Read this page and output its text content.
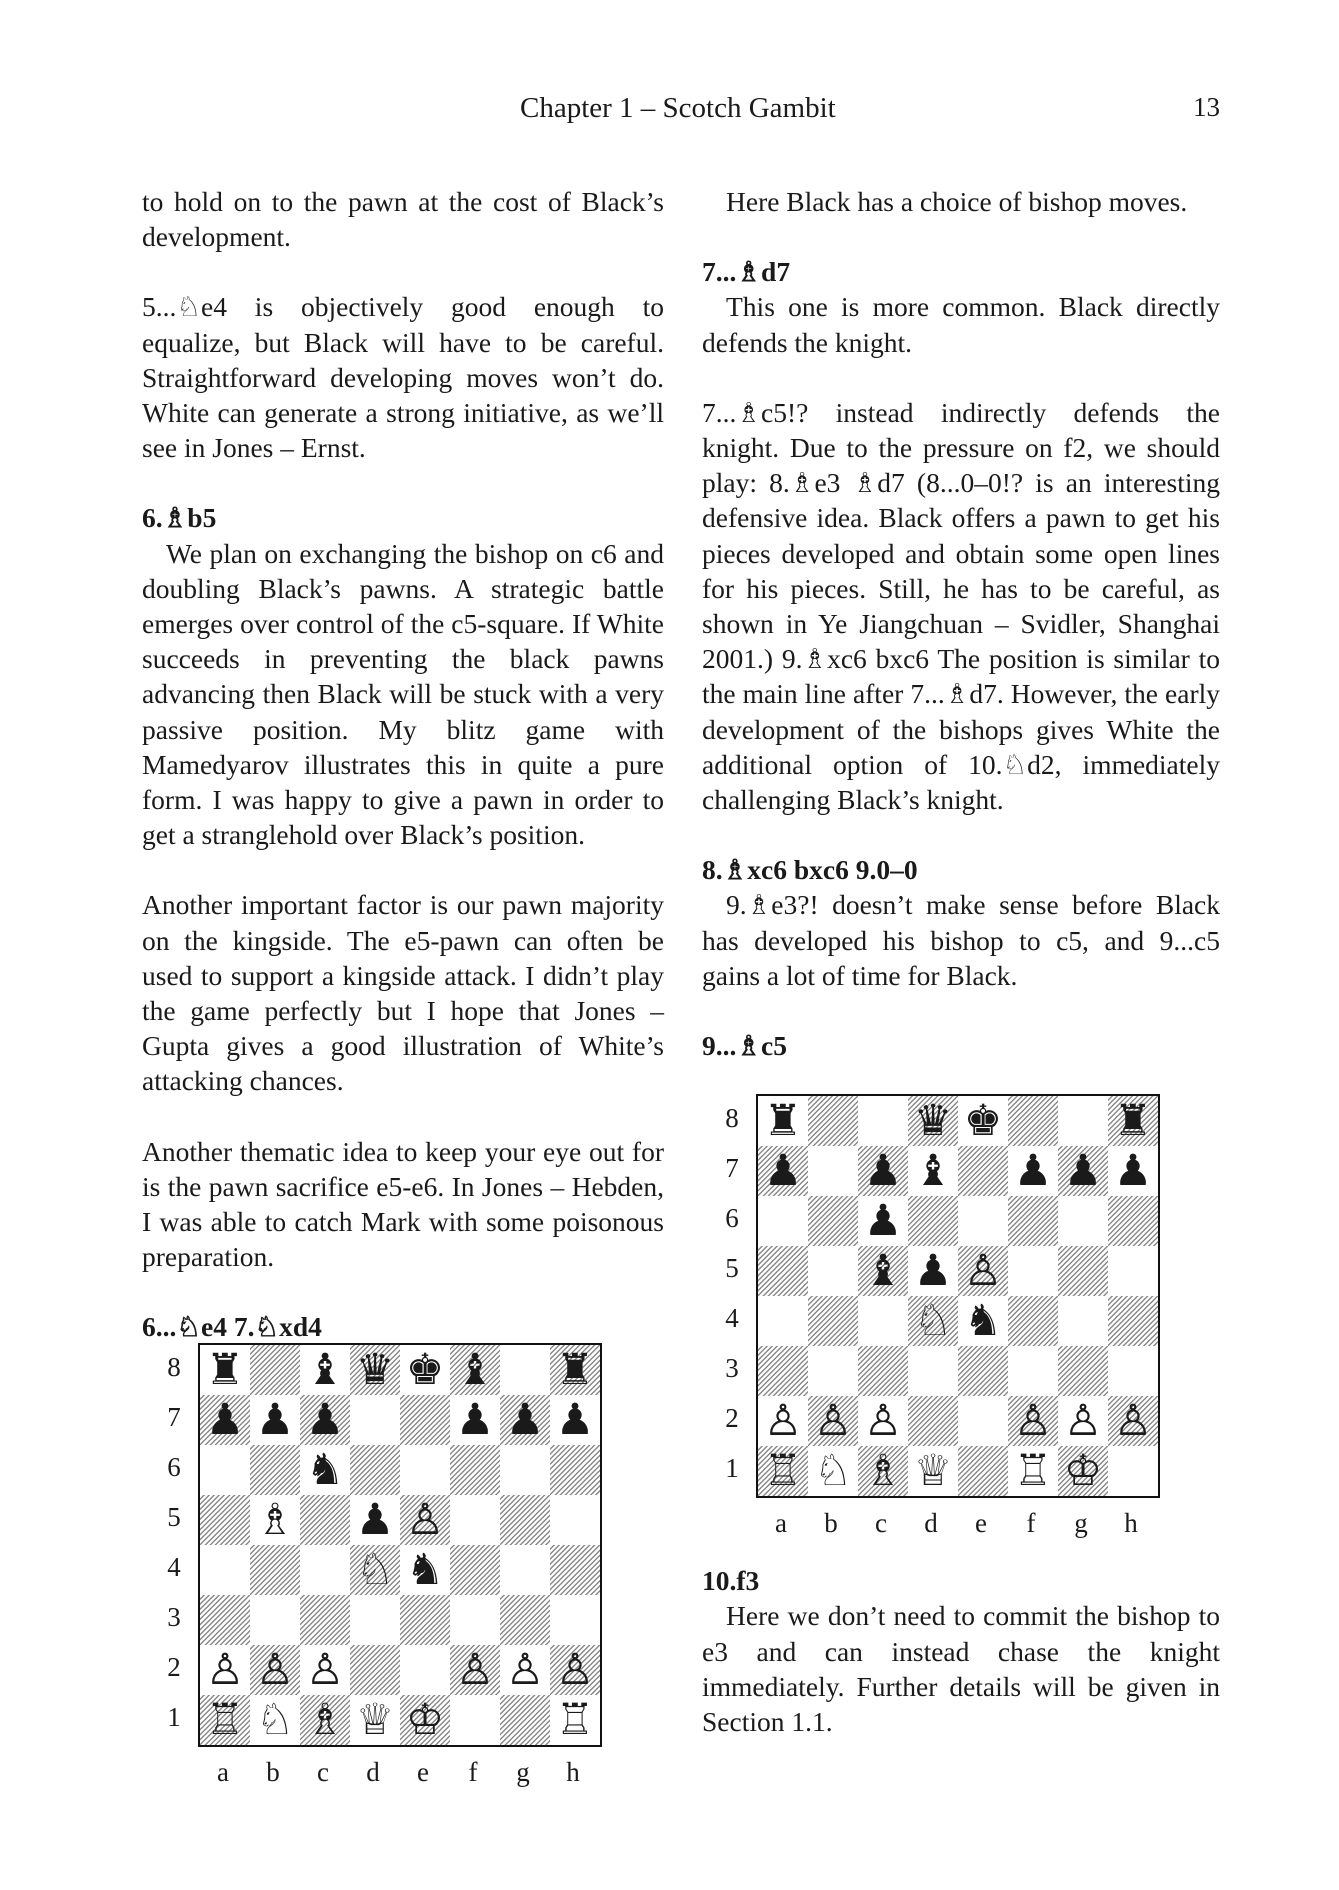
Chapter 1 – Scotch Gambit	13

to hold on to the pawn at the cost of Black’s development.

5...♘e4 is objectively good enough to equalize, but Black will have to be careful. Straightforward developing moves won’t do. White can generate a strong initiative, as we’ll see in Jones – Ernst.

6.♗b5

We plan on exchanging the bishop on c6 and doubling Black’s pawns. A strategic battle emerges over control of the c5-square. If White succeeds in preventing the black pawns advancing then Black will be stuck with a very passive position. My blitz game with Mamedyarov illustrates this in quite a pure form. I was happy to give a pawn in order to get a stranglehold over Black’s position.

Another important factor is our pawn majority on the kingside. The e5-pawn can often be used to support a kingside attack. I didn’t play the game perfectly but I hope that Jones – Gupta gives a good illustration of White’s attacking chances.

Another thematic idea to keep your eye out for is the pawn sacrifice e5-e6. In Jones – Hebden, I was able to catch Mark with some poisonous preparation.

6...♘e4 7.♘xd4

Here Black has a choice of bishop moves.

7...♗d7

This one is more common. Black directly defends the knight.

7...♗c5!? instead indirectly defends the knight. Due to the pressure on f2, we should play: 8.♗e3 ♗d7 (8...0–0!? is an interesting defensive idea. Black offers a pawn to get his pieces developed and obtain some open lines for his pieces. Still, he has to be careful, as shown in Ye Jiangchuan – Svidler, Shanghai 2001.) 9.♗xc6 bxc6 The position is similar to the main line after 7...♗d7. However, the early development of the bishops gives White the additional option of 10.♘d2, immediately challenging Black’s knight.

8.♗xc6 bxc6 9.0–0

9.♗e3?! doesn’t make sense before Black has developed his bishop to c5, and 9...c5 gains a lot of time for Black.

9...♗c5

10.f3

Here we don’t need to commit the bishop to e3 and can instead chase the knight immediately. Further details will be given in Section 1.1.

♜ ♝ ♛ ♚ ♝ ♜
♟ ♟ ♟	♟ ♟ ♟
♞
♗ ♟ ♙
♘ ♞
♙ ♙ ♙	♙ ♙ ♙
♖ ♘ ♗ ♕ ♔	♖
8
7
6
5
4
3
2
1
a	b	c	d	e	f	g	h
♜	♛ ♚	♜
♟ ♟ ♝ ♟ ♟ ♟
♟
♝ ♟ ♙
♘ ♞
♙ ♙ ♙	♙ ♙ ♙
♖ ♘ ♗ ♕ ♖ ♔
8
7
6
5
4
3
2
1
a	b	c	d	e	f	g	h
